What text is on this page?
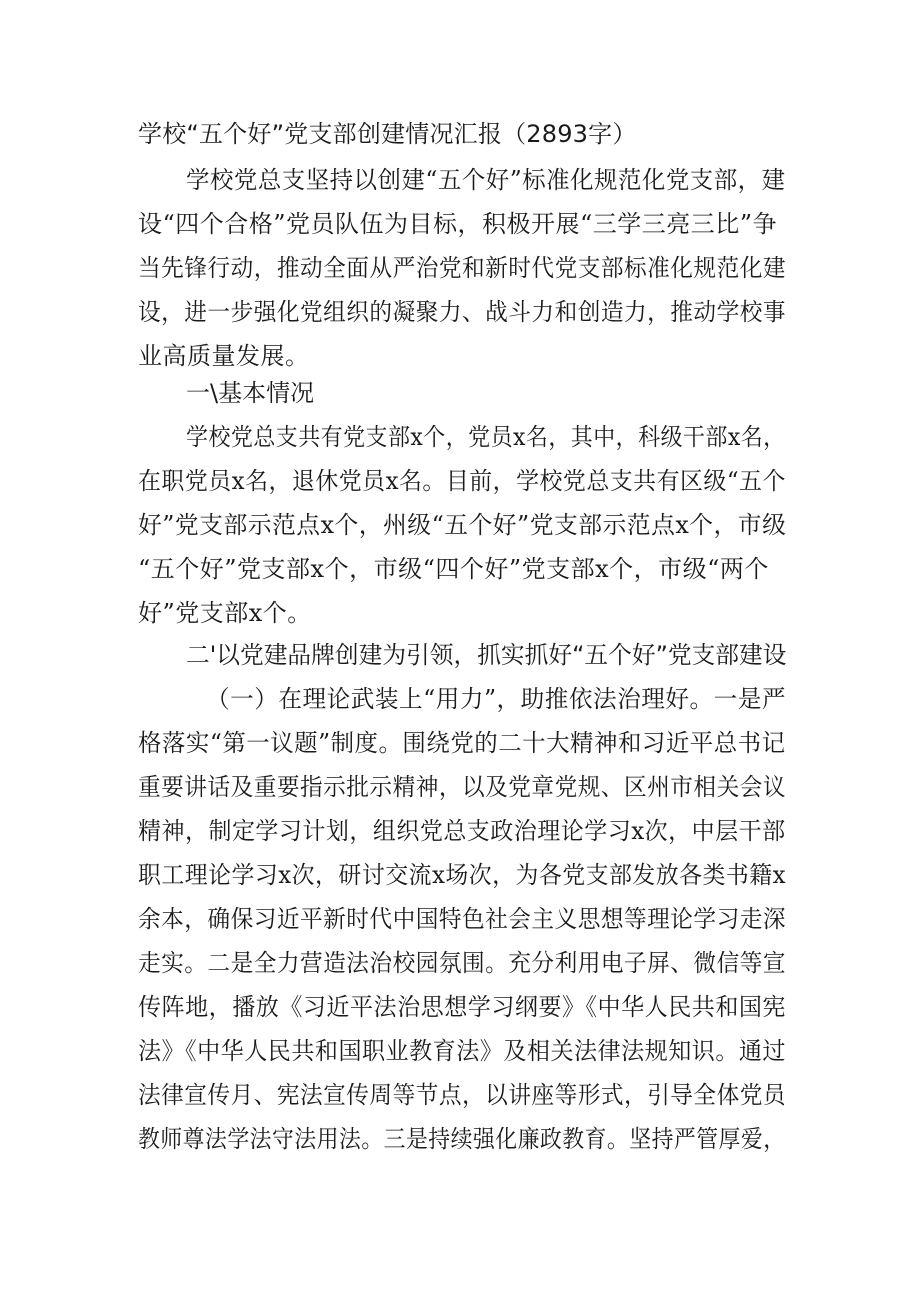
学校“五个好”党支部创建情况汇报（2893字）
学校党总支坚持以创建“五个好”标准化规范化党支部，建
设“四个合格”党员队伍为目标，积极开展“三学三亮三比”争
当先锋行动，推动全面从严治党和新时代党支部标准化规范化建
设，进一步强化党组织的凝聚力、战斗力和创造力，推动学校事
业高质量发展。
一\基本情况
学校党总支共有党支部x个，党员x名，其中，科级干部x名，
在职党员x名，退休党员x名。目前，学校党总支共有区级“五个
好”党支部示范点x个，州级“五个好”党支部示范点x个，市级
“五个好”党支部x个，市级“四个好”党支部x个，市级“两个
好”党支部x个。
二'以党建品牌创建为引领，抓实抓好“五个好”党支部建设
（一）在理论武装上“用力”，助推依法治理好。一是严
格落实“第一议题”制度。围绕党的二十大精神和习近平总书记
重要讲话及重要指示批示精神，以及党章党规、区州市相关会议
精神，制定学习计划，组织党总支政治理论学习x次，中层干部
职工理论学习x次，研讨交流x场次，为各党支部发放各类书籍x
余本，确保习近平新时代中国特色社会主义思想等理论学习走深
走实。二是全力营造法治校园氛围。充分利用电子屏、微信等宣
传阵地，播放《习近平法治思想学习纲要》《中华人民共和国宪
法》《中华人民共和国职业教育法》及相关法律法规知识。通过
法律宣传月、宪法宣传周等节点，以讲座等形式，引导全体党员
教师尊法学法守法用法。三是持续强化廉政教育。坚持严管厚爱，
